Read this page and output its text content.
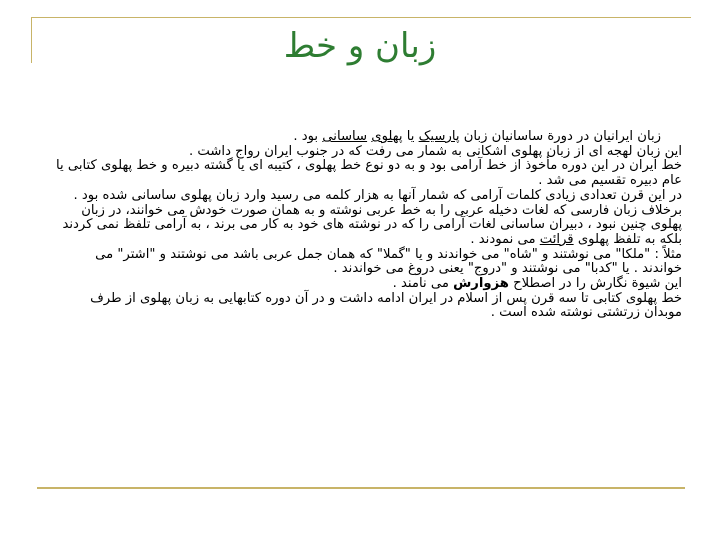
زبان و خط

زبان ایرانیان در دورة ساسانیان زبان پارسیک یا پهلوی ساسانی بود .

این زبان لهجه ای از زبان پهلوی اشکانی به شمار می رفت که در جنوب ایران رواج داشت .

خط ایران در این دوره مأخوذ از خط آرامی بود و به دو نوع خط پهلوی ، کتیبه ای یا گشته دبیره و خط پهلوی کتابی یا عام دبیره تقسیم می شد .

در این قرن تعدادی زیادی کلمات آرامی که شمار آنها به هزار کلمه می رسید وارد زبان پهلوی ساسانی شده بود .

برخلاف زبان فارسی که لغات دخیله عربی را به خط عربی نوشته و به همان صورت خودش می خوانند، در زبان پهلوی چنین نبود ، دبیران ساسانی لغات آرامی را که در نوشته های خود به کار می برند ، به آرامی تلفظ نمی کردند بلکه به تلفظ پهلوی قرائت می نمودند .

مثلاً : "ملکا" می نوشتند و "شاه" می خواندند و یا "گملا" که همان جمل عربی باشد می نوشتند و "اشتر" می خواندند . یا "کدبا" می نوشتند و "دروج" یعنی دروغ می خواندند .

این شیوة نگارش را در اصطلاح هزوارش می نامند .

خط پهلوی کتابی تا سه قرن پس از اسلام در ایران ادامه داشت و در آن دوره کتابهایی به زبان پهلوی از طرف موبدان زرتشتی نوشته شده است .
